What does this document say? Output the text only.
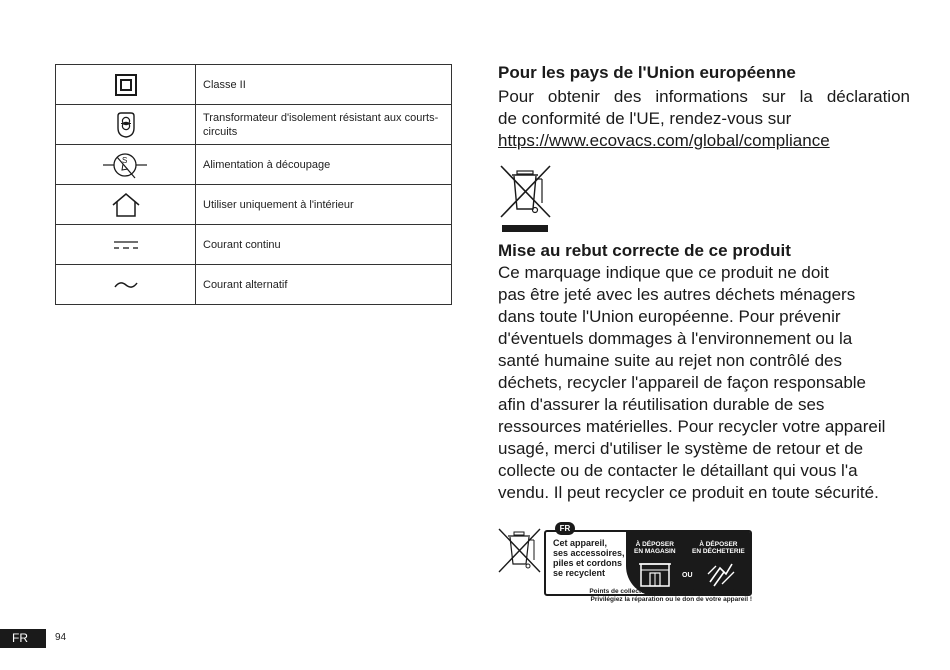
	Classe II

	Transformateur d'isolement résistant aux courts-circuits

S	Alimentation à découpage

	Utiliser uniquement à l'intérieur

	Courant continu

	Courant alternatif
Pour les pays de l'Union européenne

Pour obtenir des informations sur la déclaration
de conformité de l'UE, rendez-vous sur
https://www.ecovacs.com/global/compliance

Mise au rebut correcte de ce produit

Ce marquage indique que ce produit ne doit
pas être jeté avec les autres déchets ménagers
dans toute l'Union européenne. Pour prévenir
d'éventuels dommages à l'environnement ou la
santé humaine suite au rejet non contrôlé des
déchets, recycler l'appareil de façon responsable
afin d'assurer la réutilisation durable de ses
ressources matérielles. Pour recycler votre appareil
usagé, merci d'utiliser le système de retour et de
collecte ou de contacter le détaillant qui vous l'a
vendu. Il peut recycler ce produit en toute sécurité.

FR
Cet appareil,
ses accessoires,
piles et cordons
se recyclent
À DÉPOSER
EN MAGASIN
À DÉPOSER
EN DÉCHETERIE
OU
Points de collecte sur www.quefairedemesdechets.fr
Privilégiez la réparation ou le don de votre appareil !
FR	94
